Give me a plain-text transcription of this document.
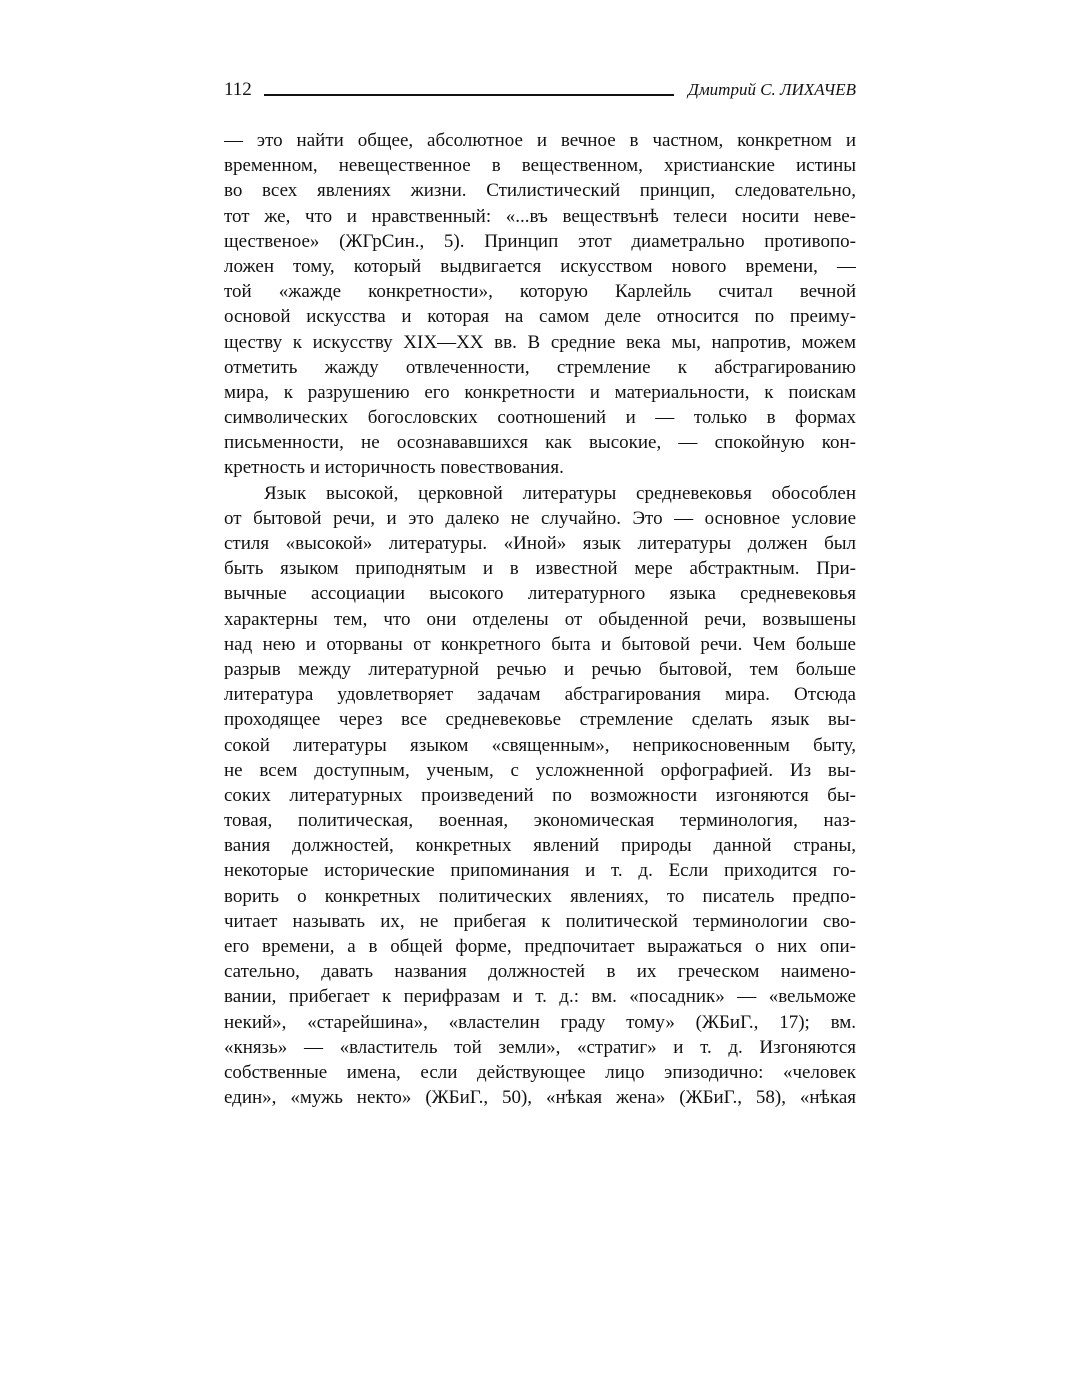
112	Дмитрий С. ЛИХАЧЕВ
— это найти общее, абсолютное и вечное в частном, конкретном и
временном, невещественное в вещественном, христианские истины
во всех явлениях жизни. Стилистический принцип, следовательно,
тот же, что и нравственный: «...въ веществънѣ телеси носити неве-
щественое» (ЖГрСин., 5). Принцип этот диаметрально противопо-
ложен тому, который выдвигается искусством нового времени, —
той «жажде конкретности», которую Карлейль считал вечной
основой искусства и которая на самом деле относится по преиму-
ществу к искусству XIX—XX вв. В средние века мы, напротив, можем
отметить жажду отвлеченности, стремление к абстрагированию
мира, к разрушению его конкретности и материальности, к поискам
символических богословских соотношений и — только в формах
письменности, не осознававшихся как высокие, — спокойную кон-
кретность и историчность повествования.
Язык высокой, церковной литературы средневековья обособлен
от бытовой речи, и это далеко не случайно. Это — основное условие
стиля «высокой» литературы. «Иной» язык литературы должен был
быть языком приподнятым и в известной мере абстрактным. При-
вычные ассоциации высокого литературного языка средневековья
характерны тем, что они отделены от обыденной речи, возвышены
над нею и оторваны от конкретного быта и бытовой речи. Чем больше
разрыв между литературной речью и речью бытовой, тем больше
литература удовлетворяет задачам абстрагирования мира. Отсюда
проходящее через все средневековье стремление сделать язык вы-
сокой литературы языком «священным», неприкосновенным быту,
не всем доступным, ученым, с усложненной орфографией. Из вы-
соких литературных произведений по возможности изгоняются бы-
товая, политическая, военная, экономическая терминология, наз-
вания должностей, конкретных явлений природы данной страны,
некоторые исторические припоминания и т. д. Если приходится го-
ворить о конкретных политических явлениях, то писатель предпо-
читает называть их, не прибегая к политической терминологии сво-
его времени, а в общей форме, предпочитает выражаться о них опи-
сательно, давать названия должностей в их греческом наимено-
вании, прибегает к перифразам и т. д.: вм. «посадник» — «вельможе
некий», «старейшина», «властелин граду тому» (ЖБиГ., 17); вм.
«князь» — «властитель той земли», «стратиг» и т. д. Изгоняются
собственные имена, если действующее лицо эпизодично: «человек
един», «мужь некто» (ЖБиГ., 50), «нѣкая жена» (ЖБиГ., 58), «нѣкая
